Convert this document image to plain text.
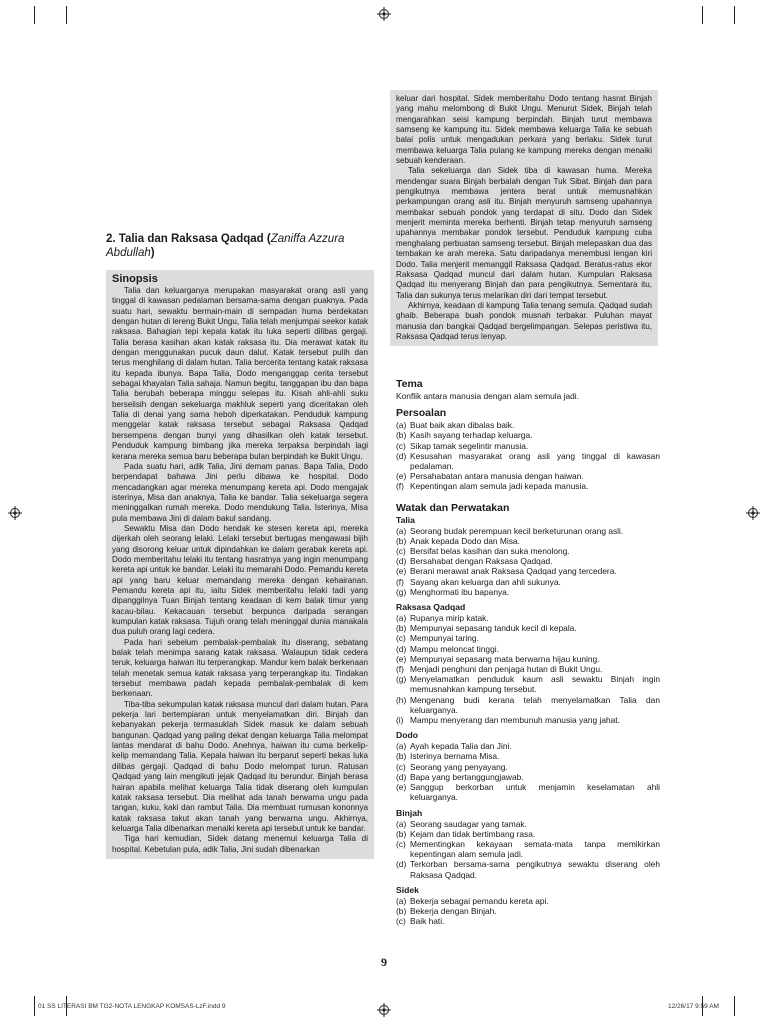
2. Talia dan Raksasa Qadqad (Zaniffa Azzura Abdullah)
Sinopsis

Talia dan keluarganya merupakan masyarakat orang asli yang tinggal di kawasan pedalaman bersama-sama dengan puaknya. Pada suatu hari, sewaktu bermain-main di sempadan huma berdekatan dengan hutan di lereng Bukit Ungu, Talia telah menjumpai seekor katak raksasa. Bahagian tepi kepala katak itu luka seperti dilibas gergaji. Talia berasa kasihan akan katak raksasa itu. Dia merawat katak itu dengan menggunakan pucuk daun dalut. Katak tersebut pulih dan terus menghilang di dalam hutan. Talia bercerita tentang katak raksasa itu kepada ibunya. Bapa Talia, Dodo menganggap cerita tersebut sebagai khayalan Talia sahaja. Namun begitu, tanggapan ibu dan bapa Talia berubah beberapa minggu selepas itu. Kisah ahli-ahli suku berselisih dengan sekeluarga makhluk seperti yang diceritakan oleh Talia di denai yang sama heboh diperkatakan. Penduduk kampung menggelar katak raksasa tersebut sebagai Raksasa Qadqad bersempena dengan bunyi yang dihasilkan oleh katak tersebut. Penduduk kampung bimbang jika mereka terpaksa berpindah lagi kerana mereka semua baru beberapa bulan berpindah ke Bukit Ungu.

Pada suatu hari, adik Talia, Jini demam panas. Bapa Talia, Dodo berpendapat bahawa Jini perlu dibawa ke hospital. Dodo mencadangkan agar mereka menumpang kereta api. Dodo mengajak isterinya, Misa dan anaknya, Talia ke bandar. Talia sekeluarga segera meninggalkan rumah mereka. Dodo mendukung Talia. Isterinya, Misa pula membawa Jini di dalam bakul sandang.

Sewaktu Misa dan Dodo hendak ke stesen kereta api, mereka dijerkah oleh seorang lelaki. Lelaki tersebut bertugas mengawasi bijih yang disorong keluar untuk dipindahkan ke dalam gerabak kereta api. Dodo memberitahu lelaki itu tentang hasratnya yang ingin menumpang kereta api untuk ke bandar. Lelaki itu memarahi Dodo. Pemandu kereta api yang baru keluar memandang mereka dengan kehairanan. Pemandu kereta api itu, iaitu Sidek memberitahu lelaki tadi yang dipanggilnya Tuan Binjah tentang keadaan di kem balak timur yang kacau-bilau. Kekacauan tersebut berpunca daripada serangan kumpulan katak raksasa. Tujuh orang telah meninggal dunia manakala dua puluh orang lagi cedera.

Pada hari sebelum pembalak-pembalak itu diserang, sebatang balak telah menimpa sarang katak raksasa. Walaupun tidak cedera teruk, keluarga haiwan itu terperangkap. Mandur kem balak berkenaan telah menetak semua katak raksasa yang terperangkap itu. Tindakan tersebut membawa padah kepada pembalak-pembalak di kem berkenaan.

Tiba-tiba sekumpulan katak raksasa muncul dari dalam hutan. Para pekerja lari bertempiaran untuk menyelamatkan diri. Binjah dan kebanyakan pekerja termasuklah Sidek masuk ke dalam sebuah bangunan. Qadqad yang paling dekat dengan keluarga Talia melompat lantas mendarat di bahu Dodo. Anehnya, haiwan itu cuma berkelip-kelip memandang Talia. Kepala haiwan itu berparut seperti bekas luka dilibas gergaji. Qadqad di bahu Dodo melompat turun. Ratusan Qadqad yang lain mengikuti jejak Qadqad itu berundur. Binjah berasa hairan apabila melihat keluarga Talia tidak diserang oleh kumpulan katak raksasa tersebut. Dia melihat ada tanah berwarna ungu pada tangan, kuku, kaki dan rambut Talia. Dia membuat rumusan kononnya katak raksasa takut akan tanah yang berwarna ungu. Akhirnya, keluarga Talia dibenarkan menaiki kereta api tersebut untuk ke bandar.

Tiga hari kemudian, Sidek datang menemui keluarga Talia di hospital. Kebetulan pula, adik Talia, Jini sudah dibenarkan

keluar dari hospital. Sidek memberitahu Dodo tentang hasrat Binjah yang mahu melombong di Bukit Ungu. Menurut Sidek, Binjah telah mengarahkan seisi kampung berpindah. Binjah turut membawa samseng ke kampung itu. Sidek membawa keluarga Talia ke sebuah balai polis untuk mengadukan perkara yang berlaku. Sidek turut membawa keluarga Talia pulang ke kampung mereka dengan menaiki sebuah kenderaan.

Talia sekeluarga dan Sidek tiba di kawasan huma. Mereka mendengar suara Binjah berbalah dengan Tuk Sibat. Binjah dan para pengikutnya membawa jentera berat untuk memusnahkan perkampungan orang asli itu. Binjah menyuruh samseng upahannya membakar sebuah pondok yang terdapat di situ. Dodo dan Sidek menjerit meminta mereka berhenti. Binjah tetap menyuruh samseng upahannya membakar pondok tersebut. Penduduk kampung cuba menghalang perbuatan samseng tersebut. Binjah melepaskan dua das tembakan ke arah mereka. Satu daripadanya menembusi lengan kiri Dodo. Talia menjerit memanggil Raksasa Qadqad. Beratus-ratus ekor Raksasa Qadqad muncul dari dalam hutan. Kumpulan Raksasa Qadqad itu menyerang Binjah dan para pengikutnya. Sementara itu, Talia dan sukunya terus melarikan diri dari tempat tersebut.

Akhirnya, keadaan di kampung Talia tenang semula. Qadqad sudah ghaib. Beberapa buah pondok musnah terbakar. Puluhan mayat manusia dan bangkai Qadqad bergelimpangan. Selepas peristiwa itu, Raksasa Qadqad terus lenyap.

Tema

Konflik antara manusia dengan alam semula jadi.

Persoalan
(a) Buat baik akan dibalas baik.
(b) Kasih sayang terhadap keluarga.
(c) Sikap tamak segelintir manusia.
(d) Kesusahan masyarakat orang asli yang tinggal di kawasan pedalaman.
(e) Persahabatan antara manusia dengan haiwan.
(f) Kepentingan alam semula jadi kepada manusia.
Watak dan Perwatakan
Talia
(a) Seorang budak perempuan kecil berketurunan orang asli.
(b) Anak kepada Dodo dan Misa.
(c) Bersifat belas kasihan dan suka menolong.
(d) Bersahabat dengan Raksasa Qadqad.
(e) Berani merawat anak Raksasa Qadqad yang tercedera.
(f) Sayang akan keluarga dan ahli sukunya.
(g) Menghormati ibu bapanya.
Raksasa Qadqad
(a) Rupanya mirip katak.
(b) Mempunyai sepasang tanduk kecil di kepala.
(c) Mempunyai taring.
(d) Mampu meloncat tinggi.
(e) Mempunyai sepasang mata berwarna hijau kuning.
(f) Menjadi penghuni dan penjaga hutan di Bukit Ungu.
(g) Menyelamatkan penduduk kaum asli sewaktu Binjah ingin memusnahkan kampung tersebut.
(h) Mengenang budi kerana telah menyelamatkan Talia dan keluarganya.
(i) Mampu menyerang dan membunuh manusia yang jahat.
Dodo
(a) Ayah kepada Talia dan Jini.
(b) Isterinya bernama Misa.
(c) Seorang yang penyayang.
(d) Bapa yang bertanggungjawab.
(e) Sanggup berkorban untuk menjamin keselamatan ahli keluarganya.
Binjah
(a) Seorang saudagar yang tamak.
(b) Kejam dan tidak bertimbang rasa.
(c) Mementingkan kekayaan semata-mata tanpa memikirkan kepentingan alam semula jadi.
(d) Terkorban bersama-sama pengikutnya sewaktu diserang oleh Raksasa Qadqad.
Sidek
(a) Bekerja sebagai pemandu kereta api.
(b) Bekerja dengan Binjah.
(c) Baik hati.
9
01 SS LITERASI BM TG2-NOTA LENGKAP KOMSAS-LzF.indd 9	12/26/17 9:59 AM
